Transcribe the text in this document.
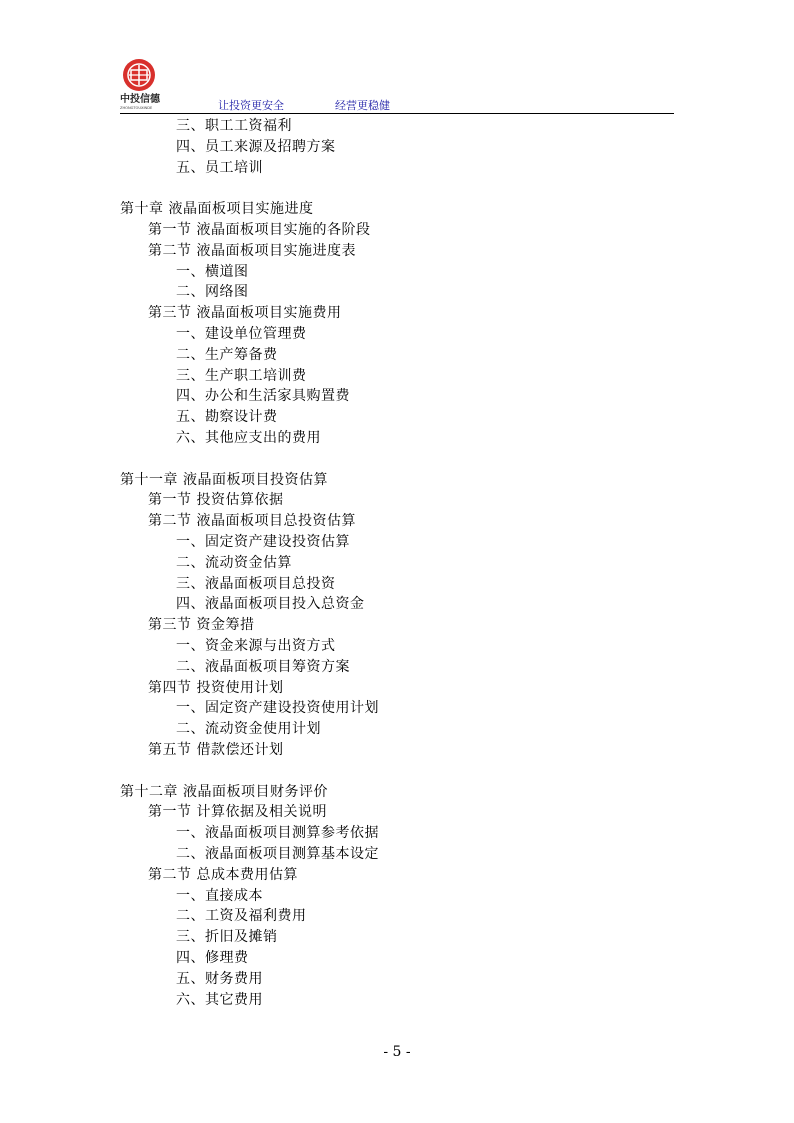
中投信德
ZHONGTOUXINDE	让投资更安全	经营更稳健
三、职工工资福利
四、员工来源及招聘方案
五、员工培训
第十章 液晶面板项目实施进度
第一节 液晶面板项目实施的各阶段
第二节 液晶面板项目实施进度表
一、横道图
二、网络图
第三节 液晶面板项目实施费用
一、建设单位管理费
二、生产筹备费
三、生产职工培训费
四、办公和生活家具购置费
五、勘察设计费
六、其他应支出的费用
第十一章 液晶面板项目投资估算
第一节 投资估算依据
第二节 液晶面板项目总投资估算
一、固定资产建设投资估算
二、流动资金估算
三、液晶面板项目总投资
四、液晶面板项目投入总资金
第三节 资金筹措
一、资金来源与出资方式
二、液晶面板项目筹资方案
第四节 投资使用计划
一、固定资产建设投资使用计划
二、流动资金使用计划
第五节 借款偿还计划
第十二章 液晶面板项目财务评价
第一节 计算依据及相关说明
一、液晶面板项目测算参考依据
二、液晶面板项目测算基本设定
第二节 总成本费用估算
一、直接成本
二、工资及福利费用
三、折旧及摊销
四、修理费
五、财务费用
六、其它费用
- 5 -
